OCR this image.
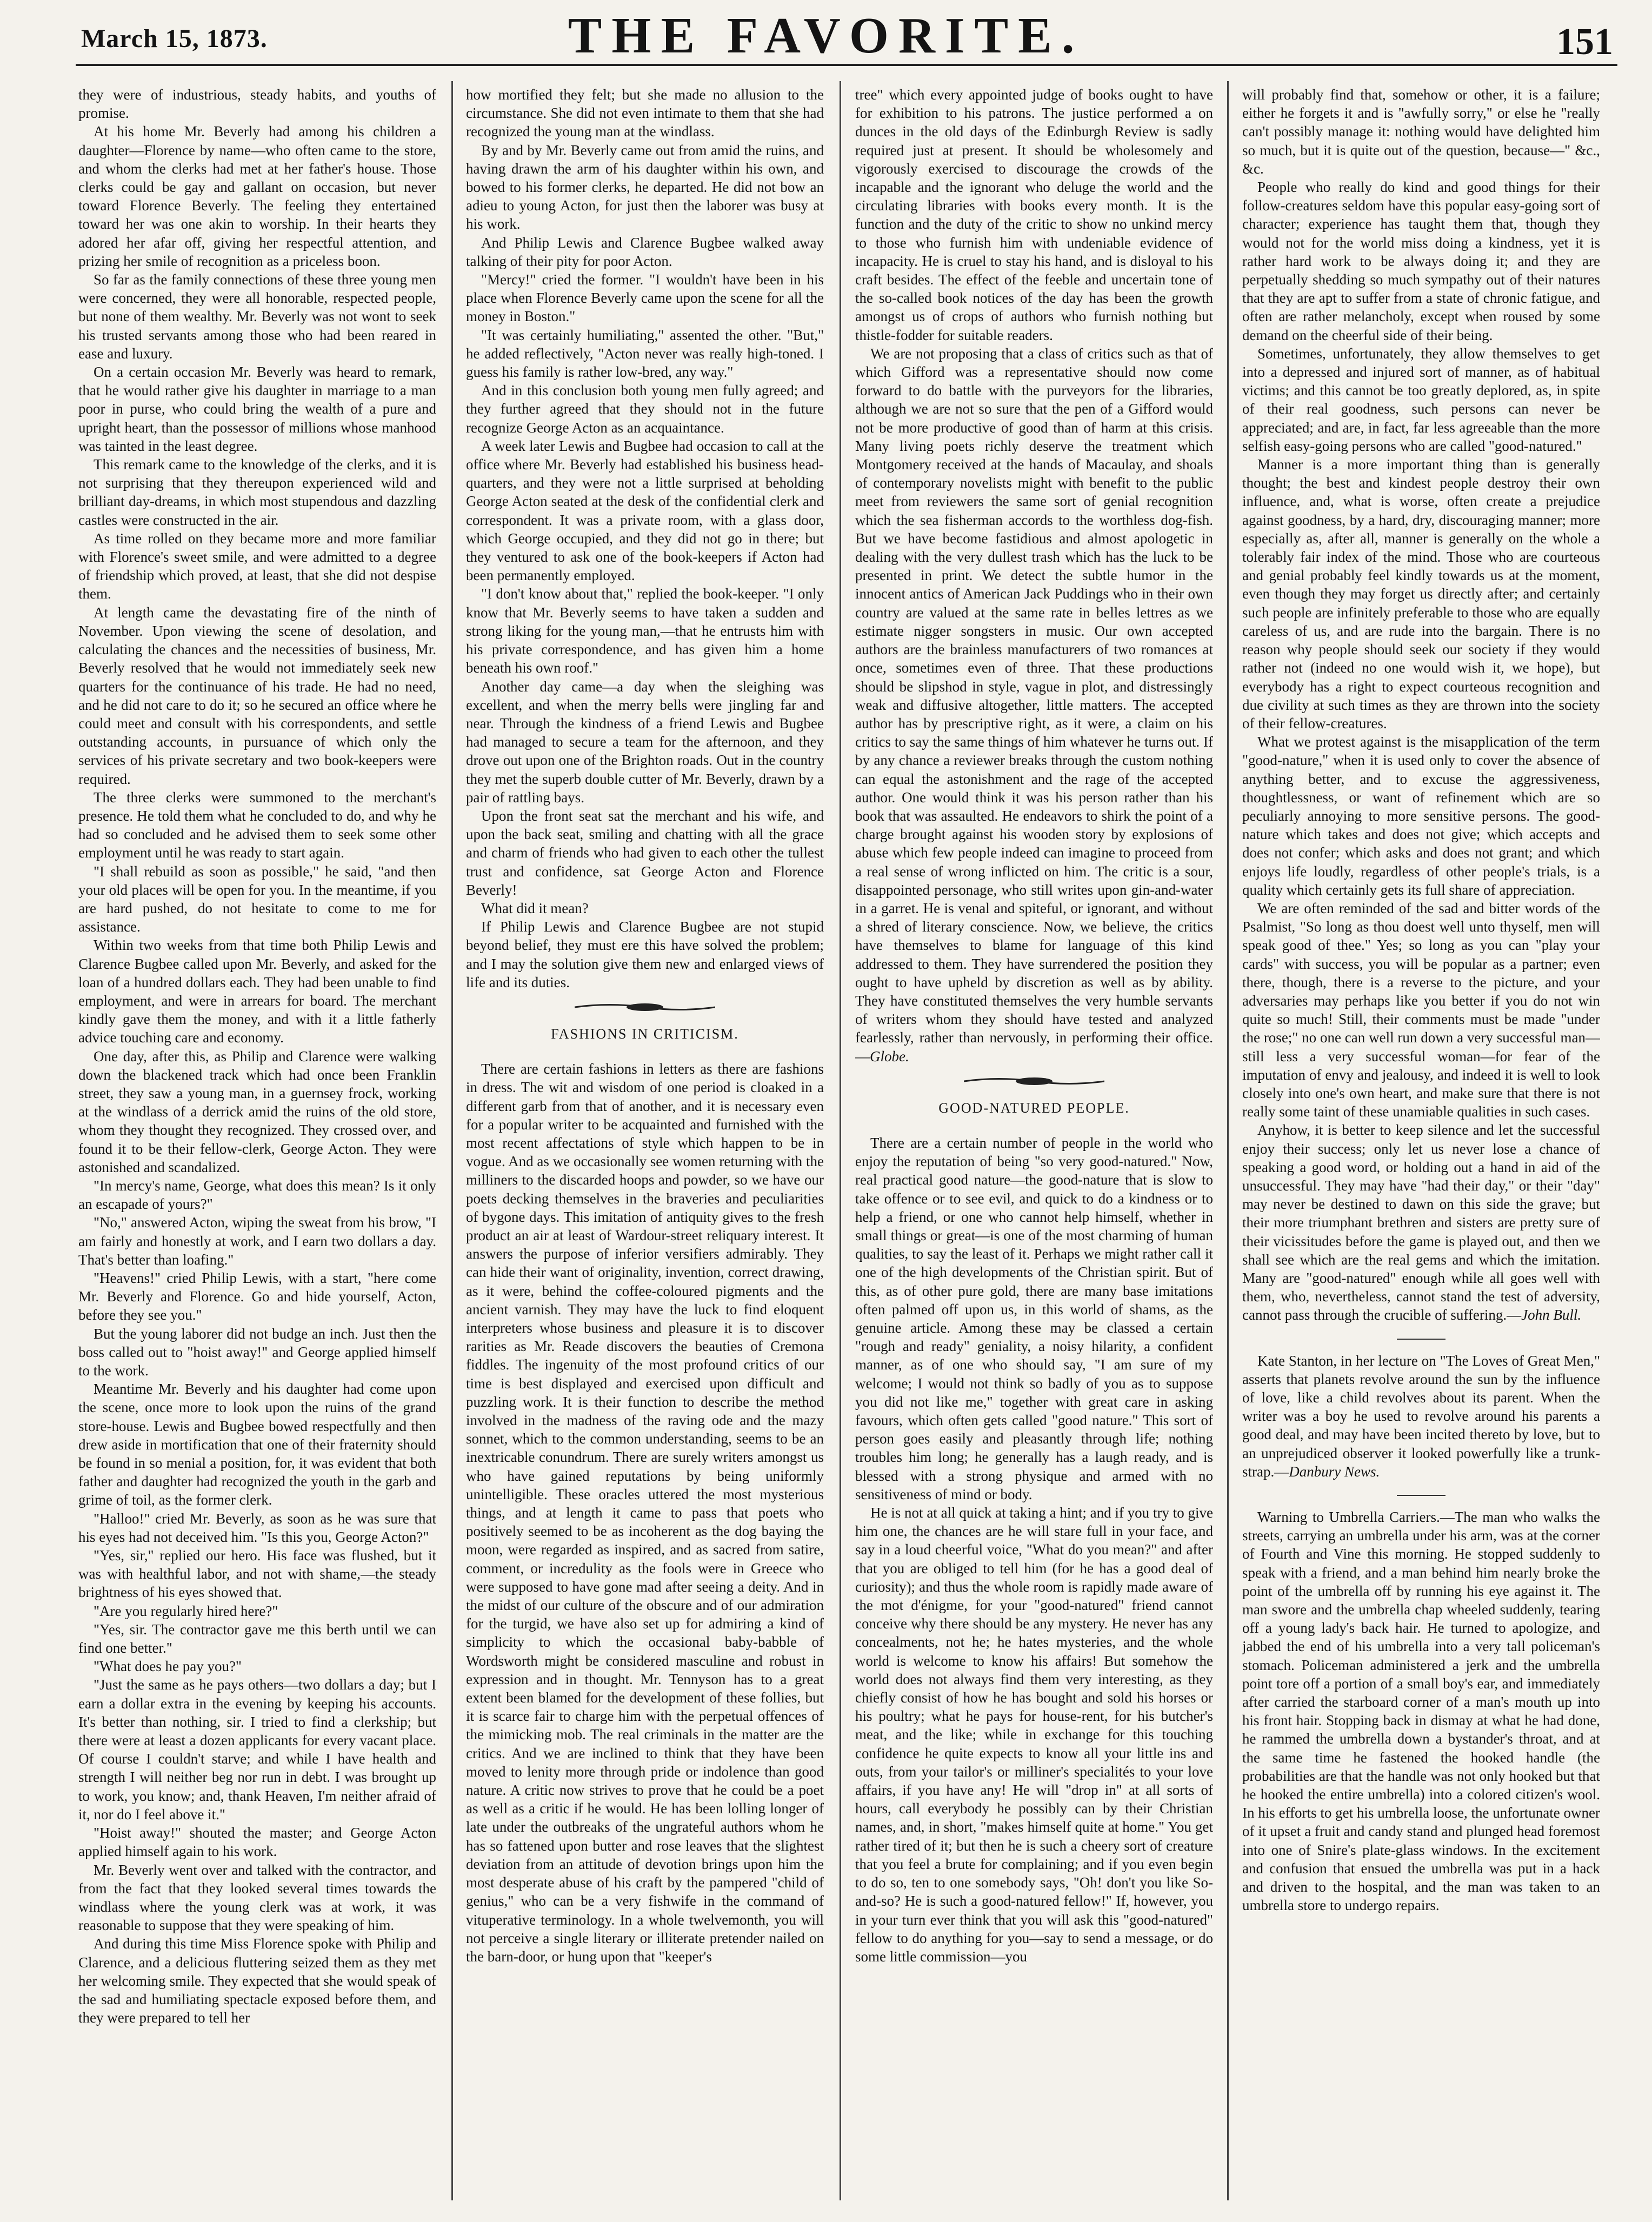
March 15, 1873.	THE FAVORITE.	151

they were of industrious, steady habits, and youths of promise.

At his home Mr. Beverly had among his children a daughter—Florence by name—who often came to the store, and whom the clerks had met at her father's house. Those clerks could be gay and gallant on occasion, but never toward Florence Beverly. The feeling they entertained toward her was one akin to worship. In their hearts they adored her afar off, giving her respectful attention, and prizing her smile of recognition as a priceless boon.

So far as the family connections of these three young men were concerned, they were all honorable, respected people, but none of them wealthy. Mr. Beverly was not wont to seek his trusted servants among those who had been reared in ease and luxury.

On a certain occasion Mr. Beverly was heard to remark, that he would rather give his daughter in marriage to a man poor in purse, who could bring the wealth of a pure and upright heart, than the possessor of millions whose manhood was tainted in the least degree.

This remark came to the knowledge of the clerks, and it is not surprising that they thereupon experienced wild and brilliant day-dreams, in which most stupendous and dazzling castles were constructed in the air.

As time rolled on they became more and more familiar with Florence's sweet smile, and were admitted to a degree of friendship which proved, at least, that she did not despise them.

At length came the devastating fire of the ninth of November. Upon viewing the scene of desolation, and calculating the chances and the necessities of business, Mr. Beverly resolved that he would not immediately seek new quarters for the continuance of his trade. He had no need, and he did not care to do it; so he secured an office where he could meet and consult with his correspondents, and settle outstanding accounts, in pursuance of which only the services of his private secretary and two book-keepers were required.

The three clerks were summoned to the merchant's presence. He told them what he concluded to do, and why he had so concluded and he advised them to seek some other employment until he was ready to start again.

"I shall rebuild as soon as possible," he said, "and then your old places will be open for you. In the meantime, if you are hard pushed, do not hesitate to come to me for assistance.

Within two weeks from that time both Philip Lewis and Clarence Bugbee called upon Mr. Beverly, and asked for the loan of a hundred dollars each. They had been unable to find employment, and were in arrears for board. The merchant kindly gave them the money, and with it a little fatherly advice touching care and economy.

One day, after this, as Philip and Clarence were walking down the blackened track which had once been Franklin street, they saw a young man, in a guernsey frock, working at the windlass of a derrick amid the ruins of the old store, whom they thought they recognized. They crossed over, and found it to be their fellow-clerk, George Acton. They were astonished and scandalized.

"In mercy's name, George, what does this mean? Is it only an escapade of yours?"

"No," answered Acton, wiping the sweat from his brow, "I am fairly and honestly at work, and I earn two dollars a day. That's better than loafing."

"Heavens!" cried Philip Lewis, with a start, "here come Mr. Beverly and Florence. Go and hide yourself, Acton, before they see you."

But the young laborer did not budge an inch. Just then the boss called out to "hoist away!" and George applied himself to the work.

Meantime Mr. Beverly and his daughter had come upon the scene, once more to look upon the ruins of the grand store-house. Lewis and Bugbee bowed respectfully and then drew aside in mortification that one of their fraternity should be found in so menial a position, for, it was evident that both father and daughter had recognized the youth in the garb and grime of toil, as the former clerk.

"Halloo!" cried Mr. Beverly, as soon as he was sure that his eyes had not deceived him. "Is this you, George Acton?"

"Yes, sir," replied our hero. His face was flushed, but it was with healthful labor, and not with shame,—the steady brightness of his eyes showed that.

"Are you regularly hired here?"

"Yes, sir. The contractor gave me this berth until we can find one better."

"What does he pay you?"

"Just the same as he pays others—two dollars a day; but I earn a dollar extra in the evening by keeping his accounts. It's better than nothing, sir. I tried to find a clerkship; but there were at least a dozen applicants for every vacant place. Of course I couldn't starve; and while I have health and strength I will neither beg nor run in debt. I was brought up to work, you know; and, thank Heaven, I'm neither afraid of it, nor do I feel above it."

"Hoist away!" shouted the master; and George Acton applied himself again to his work.

Mr. Beverly went over and talked with the contractor, and from the fact that they looked several times towards the windlass where the young clerk was at work, it was reasonable to suppose that they were speaking of him.

And during this time Miss Florence spoke with Philip and Clarence, and a delicious fluttering seized them as they met her welcoming smile. They expected that she would speak of the sad and humiliating spectacle exposed before them, and they were prepared to tell her

how mortified they felt; but she made no allusion to the circumstance. She did not even intimate to them that she had recognized the young man at the windlass.

By and by Mr. Beverly came out from amid the ruins, and having drawn the arm of his daughter within his own, and bowed to his former clerks, he departed. He did not bow an adieu to young Acton, for just then the laborer was busy at his work.

And Philip Lewis and Clarence Bugbee walked away talking of their pity for poor Acton.

"Mercy!" cried the former. "I wouldn't have been in his place when Florence Beverly came upon the scene for all the money in Boston."

"It was certainly humiliating," assented the other. "But," he added reflectively, "Acton never was really high-toned. I guess his family is rather low-bred, any way."

And in this conclusion both young men fully agreed; and they further agreed that they should not in the future recognize George Acton as an acquaintance.

A week later Lewis and Bugbee had occasion to call at the office where Mr. Beverly had established his business head-quarters, and they were not a little surprised at beholding George Acton seated at the desk of the confidential clerk and correspondent. It was a private room, with a glass door, which George occupied, and they did not go in there; but they ventured to ask one of the book-keepers if Acton had been permanently employed.

"I don't know about that," replied the book-keeper. "I only know that Mr. Beverly seems to have taken a sudden and strong liking for the young man,—that he entrusts him with his private correspondence, and has given him a home beneath his own roof."

Another day came—a day when the sleighing was excellent, and when the merry bells were jingling far and near. Through the kindness of a friend Lewis and Bugbee had managed to secure a team for the afternoon, and they drove out upon one of the Brighton roads. Out in the country they met the superb double cutter of Mr. Beverly, drawn by a pair of rattling bays.

Upon the front seat sat the merchant and his wife, and upon the back seat, smiling and chatting with all the grace and charm of friends who had given to each other the tullest trust and confidence, sat George Acton and Florence Beverly!

What did it mean?

If Philip Lewis and Clarence Bugbee are not stupid beyond belief, they must ere this have solved the problem; and I may the solution give them new and enlarged views of life and its duties.

FASHIONS IN CRITICISM.

There are certain fashions in letters as there are fashions in dress. The wit and wisdom of one period is cloaked in a different garb from that of another, and it is necessary even for a popular writer to be acquainted and furnished with the most recent affectations of style which happen to be in vogue. And as we occasionally see women returning with the milliners to the discarded hoops and powder, so we have our poets decking themselves in the braveries and peculiarities of bygone days. This imitation of antiquity gives to the fresh product an air at least of Wardour-street reliquary interest. It answers the purpose of inferior versifiers admirably. They can hide their want of originality, invention, correct drawing, as it were, behind the coffee-coloured pigments and the ancient varnish. They may have the luck to find eloquent interpreters whose business and pleasure it is to discover rarities as Mr. Reade discovers the beauties of Cremona fiddles. The ingenuity of the most profound critics of our time is best displayed and exercised upon difficult and puzzling work. It is their function to describe the method involved in the madness of the raving ode and the mazy sonnet, which to the common understanding, seems to be an inextricable conundrum. There are surely writers amongst us who have gained reputations by being uniformly unintelligible. These oracles uttered the most mysterious things, and at length it came to pass that poets who positively seemed to be as incoherent as the dog baying the moon, were regarded as inspired, and as sacred from satire, comment, or incredulity as the fools were in Greece who were supposed to have gone mad after seeing a deity. And in the midst of our culture of the obscure and of our admiration for the turgid, we have also set up for admiring a kind of simplicity to which the occasional baby-babble of Wordsworth might be considered masculine and robust in expression and in thought. Mr. Tennyson has to a great extent been blamed for the development of these follies, but it is scarce fair to charge him with the perpetual offences of the mimicking mob. The real criminals in the matter are the critics. And we are inclined to think that they have been moved to lenity more through pride or indolence than good nature. A critic now strives to prove that he could be a poet as well as a critic if he would. He has been lolling longer of late under the outbreaks of the ungrateful authors whom he has so fattened upon butter and rose leaves that the slightest deviation from an attitude of devotion brings upon him the most desperate abuse of his craft by the pampered "child of genius," who can be a very fishwife in the command of vituperative terminology. In a whole twelvemonth, you will not perceive a single literary or illiterate pretender nailed on the barn-door, or hung upon that "keeper's

tree" which every appointed judge of books ought to have for exhibition to his patrons. The justice performed a on dunces in the old days of the Edinburgh Review is sadly required just at present. It should be wholesomely and vigorously exercised to discourage the crowds of the incapable and the ignorant who deluge the world and the circulating libraries with books every month. It is the function and the duty of the critic to show no unkind mercy to those who furnish him with undeniable evidence of incapacity. He is cruel to stay his hand, and is disloyal to his craft besides. The effect of the feeble and uncertain tone of the so-called book notices of the day has been the growth amongst us of crops of authors who furnish nothing but thistle-fodder for suitable readers.

We are not proposing that a class of critics such as that of which Gifford was a representative should now come forward to do battle with the purveyors for the libraries, although we are not so sure that the pen of a Gifford would not be more productive of good than of harm at this crisis. Many living poets richly deserve the treatment which Montgomery received at the hands of Macaulay, and shoals of contemporary novelists might with benefit to the public meet from reviewers the same sort of genial recognition which the sea fisherman accords to the worthless dog-fish. But we have become fastidious and almost apologetic in dealing with the very dullest trash which has the luck to be presented in print. We detect the subtle humor in the innocent antics of American Jack Puddings who in their own country are valued at the same rate in belles lettres as we estimate nigger songsters in music. Our own accepted authors are the brainless manufacturers of two romances at once, sometimes even of three. That these productions should be slipshod in style, vague in plot, and distressingly weak and diffusive altogether, little matters. The accepted author has by prescriptive right, as it were, a claim on his critics to say the same things of him whatever he turns out. If by any chance a reviewer breaks through the custom nothing can equal the astonishment and the rage of the accepted author. One would think it was his person rather than his book that was assaulted. He endeavors to shirk the point of a charge brought against his wooden story by explosions of abuse which few people indeed can imagine to proceed from a real sense of wrong inflicted on him. The critic is a sour, disappointed personage, who still writes upon gin-and-water in a garret. He is venal and spiteful, or ignorant, and without a shred of literary conscience. Now, we believe, the critics have themselves to blame for language of this kind addressed to them. They have surrendered the position they ought to have upheld by discretion as well as by ability. They have constituted themselves the very humble servants of writers whom they should have tested and analyzed fearlessly, rather than nervously, in performing their office.—Globe.

GOOD-NATURED PEOPLE.

There are a certain number of people in the world who enjoy the reputation of being "so very good-natured." Now, real practical good nature—the good-nature that is slow to take offence or to see evil, and quick to do a kindness or to help a friend, or one who cannot help himself, whether in small things or great—is one of the most charming of human qualities, to say the least of it. Perhaps we might rather call it one of the high developments of the Christian spirit. But of this, as of other pure gold, there are many base imitations often palmed off upon us, in this world of shams, as the genuine article. Among these may be classed a certain "rough and ready" geniality, a noisy hilarity, a confident manner, as of one who should say, "I am sure of my welcome; I would not think so badly of you as to suppose you did not like me," together with great care in asking favours, which often gets called "good nature." This sort of person goes easily and pleasantly through life; nothing troubles him long; he generally has a laugh ready, and is blessed with a strong physique and armed with no sensitiveness of mind or body.

He is not at all quick at taking a hint; and if you try to give him one, the chances are he will stare full in your face, and say in a loud cheerful voice, "What do you mean?" and after that you are obliged to tell him (for he has a good deal of curiosity); and thus the whole room is rapidly made aware of the mot d'énigme, for your "good-natured" friend cannot conceive why there should be any mystery. He never has any concealments, not he; he hates mysteries, and the whole world is welcome to know his affairs! But somehow the world does not always find them very interesting, as they chiefly consist of how he has bought and sold his horses or his poultry; what he pays for house-rent, for his butcher's meat, and the like; while in exchange for this touching confidence he quite expects to know all your little ins and outs, from your tailor's or milliner's specialités to your love affairs, if you have any! He will "drop in" at all sorts of hours, call everybody he possibly can by their Christian names, and, in short, "makes himself quite at home." You get rather tired of it; but then he is such a cheery sort of creature that you feel a brute for complaining; and if you even begin to do so, ten to one somebody says, "Oh! don't you like So-and-so? He is such a good-natured fellow!" If, however, you in your turn ever think that you will ask this "good-natured" fellow to do anything for you—say to send a message, or do some little commission—you

will probably find that, somehow or other, it is a failure; either he forgets it and is "awfully sorry," or else he "really can't possibly manage it: nothing would have delighted him so much, but it is quite out of the question, because—" &c., &c.

People who really do kind and good things for their follow-creatures seldom have this popular easy-going sort of character; experience has taught them that, though they would not for the world miss doing a kindness, yet it is rather hard work to be always doing it; and they are perpetually shedding so much sympathy out of their natures that they are apt to suffer from a state of chronic fatigue, and often are rather melancholy, except when roused by some demand on the cheerful side of their being.

Sometimes, unfortunately, they allow themselves to get into a depressed and injured sort of manner, as of habitual victims; and this cannot be too greatly deplored, as, in spite of their real goodness, such persons can never be appreciated; and are, in fact, far less agreeable than the more selfish easy-going persons who are called "good-natured."

Manner is a more important thing than is generally thought; the best and kindest people destroy their own influence, and, what is worse, often create a prejudice against goodness, by a hard, dry, discouraging manner; more especially as, after all, manner is generally on the whole a tolerably fair index of the mind. Those who are courteous and genial probably feel kindly towards us at the moment, even though they may forget us directly after; and certainly such people are infinitely preferable to those who are equally careless of us, and are rude into the bargain. There is no reason why people should seek our society if they would rather not (indeed no one would wish it, we hope), but everybody has a right to expect courteous recognition and due civility at such times as they are thrown into the society of their fellow-creatures.

What we protest against is the misapplication of the term "good-nature," when it is used only to cover the absence of anything better, and to excuse the aggressiveness, thoughtlessness, or want of refinement which are so peculiarly annoying to more sensitive persons. The good-nature which takes and does not give; which accepts and does not confer; which asks and does not grant; and which enjoys life loudly, regardless of other people's trials, is a quality which certainly gets its full share of appreciation.

We are often reminded of the sad and bitter words of the Psalmist, "So long as thou doest well unto thyself, men will speak good of thee." Yes; so long as you can "play your cards" with success, you will be popular as a partner; even there, though, there is a reverse to the picture, and your adversaries may perhaps like you better if you do not win quite so much! Still, their comments must be made "under the rose;" no one can well run down a very successful man—still less a very successful woman—for fear of the imputation of envy and jealousy, and indeed it is well to look closely into one's own heart, and make sure that there is not really some taint of these unamiable qualities in such cases.

Anyhow, it is better to keep silence and let the successful enjoy their success; only let us never lose a chance of speaking a good word, or holding out a hand in aid of the unsuccessful. They may have "had their day," or their "day" may never be destined to dawn on this side the grave; but their more triumphant brethren and sisters are pretty sure of their vicissitudes before the game is played out, and then we shall see which are the real gems and which the imitation. Many are "good-natured" enough while all goes well with them, who, nevertheless, cannot stand the test of adversity, cannot pass through the crucible of suffering.—John Bull.

Kate Stanton, in her lecture on "The Loves of Great Men," asserts that planets revolve around the sun by the influence of love, like a child revolves about its parent. When the writer was a boy he used to revolve around his parents a good deal, and may have been incited thereto by love, but to an unprejudiced observer it looked powerfully like a trunk-strap.—Danbury News.

Warning to Umbrella Carriers.—The man who walks the streets, carrying an umbrella under his arm, was at the corner of Fourth and Vine this morning. He stopped suddenly to speak with a friend, and a man behind him nearly broke the point of the umbrella off by running his eye against it. The man swore and the umbrella chap wheeled suddenly, tearing off a young lady's back hair. He turned to apologize, and jabbed the end of his umbrella into a very tall policeman's stomach. Policeman administered a jerk and the umbrella point tore off a portion of a small boy's ear, and immediately after carried the starboard corner of a man's mouth up into his front hair. Stopping back in dismay at what he had done, he rammed the umbrella down a bystander's throat, and at the same time he fastened the hooked handle (the probabilities are that the handle was not only hooked but that he hooked the entire umbrella) into a colored citizen's wool. In his efforts to get his umbrella loose, the unfortunate owner of it upset a fruit and candy stand and plunged head foremost into one of Snire's plate-glass windows. In the excitement and confusion that ensued the umbrella was put in a hack and driven to the hospital, and the man was taken to an umbrella store to undergo repairs.
